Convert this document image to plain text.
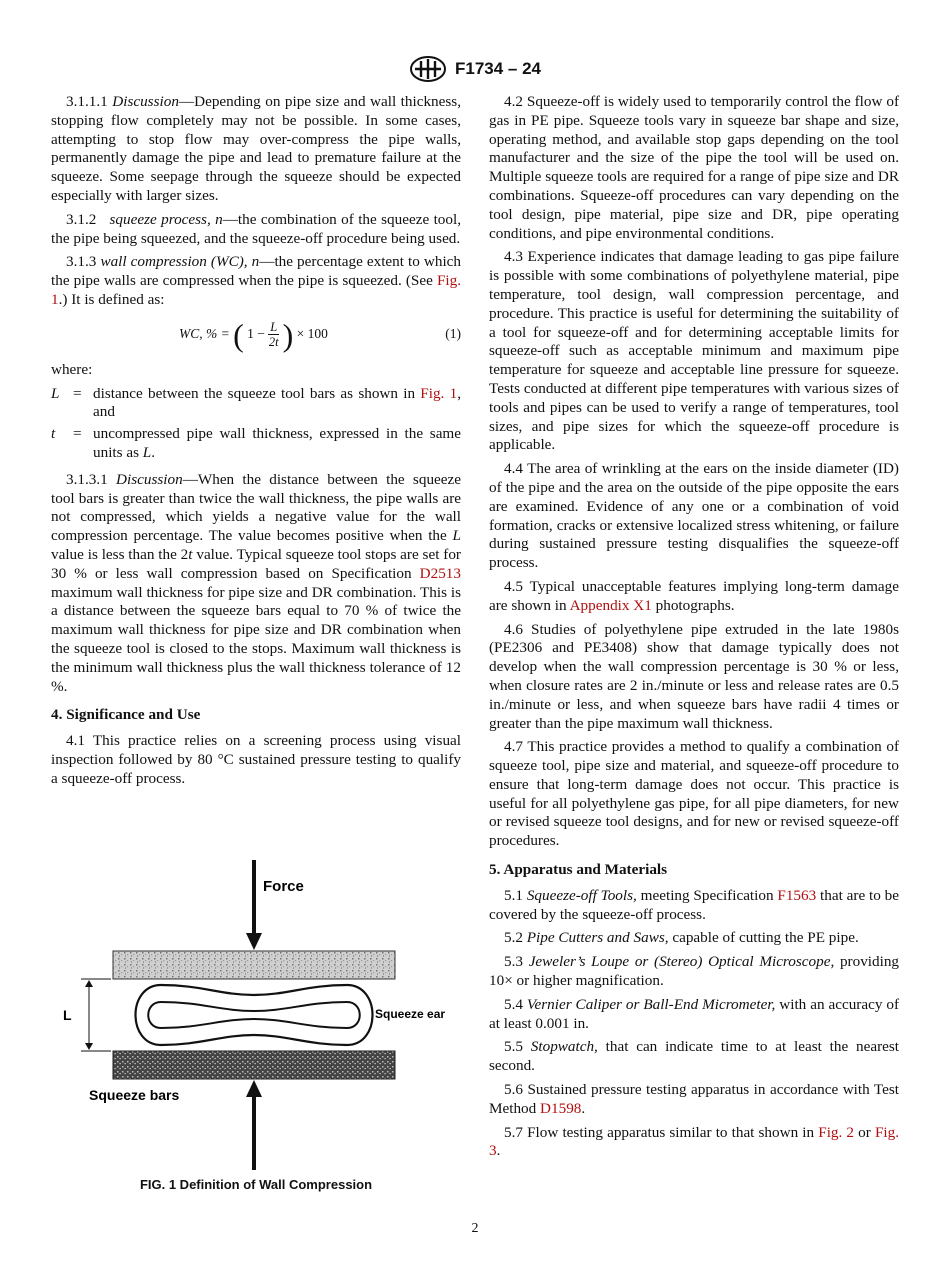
F1734 – 24

3.1.1.1 Discussion—Depending on pipe size and wall thickness, stopping flow completely may not be possible. In some cases, attempting to stop flow may over-compress the pipe walls, permanently damage the pipe and lead to premature failure at the squeeze. Some seepage through the squeeze should be expected especially with larger sizes.

3.1.2 squeeze process, n—the combination of the squeeze tool, the pipe being squeezed, and the squeeze-off procedure being used.

3.1.3 wall compression (WC), n—the percentage extent to which the pipe walls are compressed when the pipe is squeezed. (See Fig. 1.) It is defined as:

WC, % = ( $1 - \frac{L}{2t}$ ) × 100	(1)

where:

L = distance between the squeeze tool bars as shown in Fig. 1, and
t	= uncompressed pipe wall thickness, expressed in the same units as L.

3.1.3.1 Discussion—When the distance between the squeeze tool bars is greater than twice the wall thickness, the pipe walls are not compressed, which yields a negative value for the wall compression percentage. The value becomes positive when the L value is less than the 2t value. Typical squeeze tool stops are set for 30 % or less wall compression based on Specification D2513 maximum wall thickness for pipe size and DR combination. This is a distance between the squeeze bars equal to 70 % of twice the maximum wall thickness for pipe size and DR combination when the squeeze tool is closed to the stops. Maximum wall thickness is the minimum wall thickness plus the wall thickness tolerance of 12 %.

4. Significance and Use

4.1 This practice relies on a screening process using visual inspection followed by 80 °C sustained pressure testing to qualify a squeeze-off process.

Force
L	Squeeze ear
Squeeze bars
FIG. 1 Definition of Wall Compression

4.2 Squeeze-off is widely used to temporarily control the flow of gas in PE pipe. Squeeze tools vary in squeeze bar shape and size, operating method, and available stop gaps depending on the tool manufacturer and the size of the pipe the tool will be used on. Multiple squeeze tools are required for a range of pipe size and DR combinations. Squeeze-off procedures can vary depending on the tool design, pipe material, pipe size and DR, pipe operating conditions, and pipe environmental conditions.

4.3 Experience indicates that damage leading to gas pipe failure is possible with some combinations of polyethylene material, pipe temperature, tool design, wall compression percentage, and procedure. This practice is useful for determining the suitability of a tool for squeeze-off and for determining acceptable limits for squeeze-off such as acceptable minimum and maximum pipe temperature for squeeze and acceptable line pressure for squeeze. Tests conducted at different pipe temperatures with various sizes of tools and pipes can be used to verify a range of temperatures, tool sizes, and pipe sizes for which the squeeze-off procedure is applicable.

4.4 The area of wrinkling at the ears on the inside diameter (ID) of the pipe and the area on the outside of the pipe opposite the ears are examined. Evidence of any one or a combination of void formation, cracks or extensive localized stress whitening, or failure during sustained pressure testing disqualifies the squeeze-off process.

4.5 Typical unacceptable features implying long-term damage are shown in Appendix X1 photographs.

4.6 Studies of polyethylene pipe extruded in the late 1980s (PE2306 and PE3408) show that damage typically does not develop when the wall compression percentage is 30 % or less, when closure rates are 2 in./minute or less and release rates are 0.5 in./minute or less, and when squeeze bars have radii 4 times or greater than the pipe maximum wall thickness.

4.7 This practice provides a method to qualify a combination of squeeze tool, pipe size and material, and squeeze-off procedure to ensure that long-term damage does not occur. This practice is useful for all polyethylene gas pipe, for all pipe diameters, for new or revised squeeze tool designs, and for new or revised squeeze-off procedures.

5. Apparatus and Materials

5.1 Squeeze-off Tools, meeting Specification F1563 that are to be covered by the squeeze-off process.

5.2 Pipe Cutters and Saws, capable of cutting the PE pipe.

5.3 Jeweler’s Loupe or (Stereo) Optical Microscope, providing 10× or higher magnification.

5.4 Vernier Caliper or Ball-End Micrometer, with an accuracy of at least 0.001 in.

5.5 Stopwatch, that can indicate time to at least the nearest second.

5.6 Sustained pressure testing apparatus in accordance with Test Method D1598.

5.7 Flow testing apparatus similar to that shown in Fig. 2 or Fig. 3.

2
